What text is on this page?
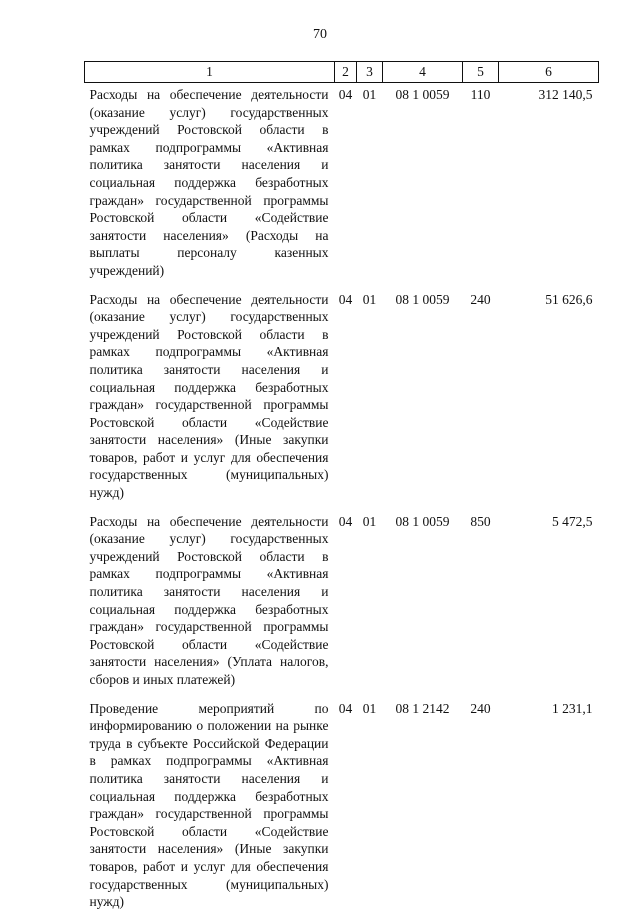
70
1	2	3	4	5	6
Расходы на обеспечение деятельности (оказание услуг) государственных учреждений Ростовской области в рамках подпрограммы «Активная политика занятости населения и социальная поддержка безработных граждан» государственной программы Ростовской области «Содействие занятости населения» (Расходы на выплаты персоналу казенных учреждений)	04	01	08 1 0059	110	312 140,5
Расходы на обеспечение деятельности (оказание услуг) государственных учреждений Ростовской области в рамках подпрограммы «Активная политика занятости населения и социальная поддержка безработных граждан» государственной программы Ростовской области «Содействие занятости населения» (Иные закупки товаров, работ и услуг для обеспечения государственных (муниципальных) нужд)	04	01	08 1 0059	240	51 626,6
Расходы на обеспечение деятельности (оказание услуг) государственных учреждений Ростовской области в рамках подпрограммы «Активная политика занятости населения и социальная поддержка безработных граждан» государственной программы Ростовской области «Содействие занятости населения» (Уплата налогов, сборов и иных платежей)	04	01	08 1 0059	850	5 472,5
Проведение мероприятий по информированию о положении на рынке труда в субъекте Российской Федерации в рамках подпрограммы «Активная политика занятости населения и социальная поддержка безработных граждан» государственной программы Ростовской области «Содействие занятости населения» (Иные закупки товаров, работ и услуг для обеспечения государственных (муниципальных) нужд)	04	01	08 1 2142	240	1 231,1
